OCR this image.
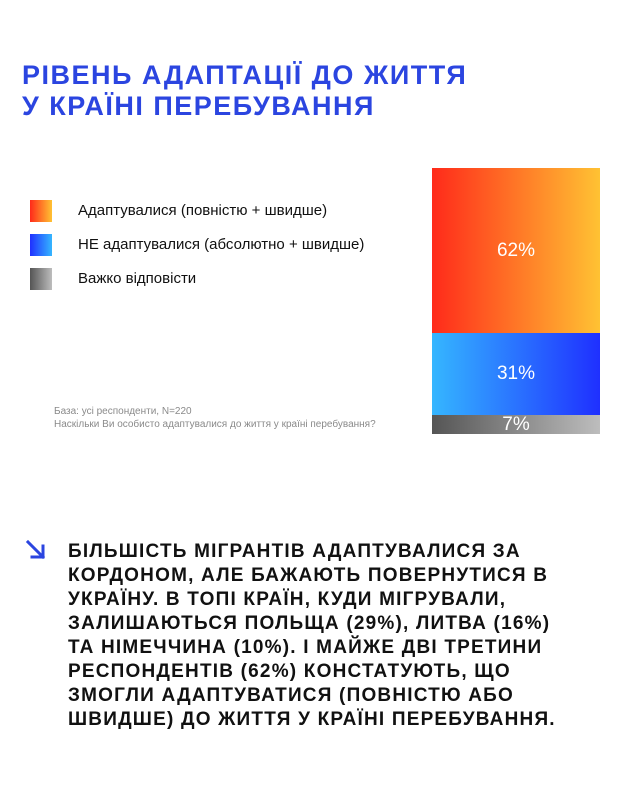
РІВЕНЬ АДАПТАЦІЇ ДО ЖИТТЯ
У КРАЇНІ ПЕРЕБУВАННЯ
Адаптувалися (повністю + швидше)
НЕ адаптувалися (абсолютно + швидше)
Важко відповісти
База: усі респонденти, N=220
Наскільки Ви особисто адаптувалися до життя у країні перебування?
62%
31%
7%
БІЛЬШІСТЬ МІГРАНТІВ АДАПТУВАЛИСЯ ЗА
КОРДОНОМ, АЛЕ БАЖАЮТЬ ПОВЕРНУТИСЯ В
УКРАЇНУ. В ТОПІ КРАЇН, КУДИ МІГРУВАЛИ,
ЗАЛИШАЮТЬСЯ ПОЛЬЩА (29%), ЛИТВА (16%)
ТА НІМЕЧЧИНА (10%). І МАЙЖЕ ДВІ ТРЕТИНИ
РЕСПОНДЕНТІВ (62%) КОНСТАТУЮТЬ, ЩО
ЗМОГЛИ АДАПТУВАТИСЯ (ПОВНІСТЮ АБО
ШВИДШЕ) ДО ЖИТТЯ У КРАЇНІ ПЕРЕБУВАННЯ.
